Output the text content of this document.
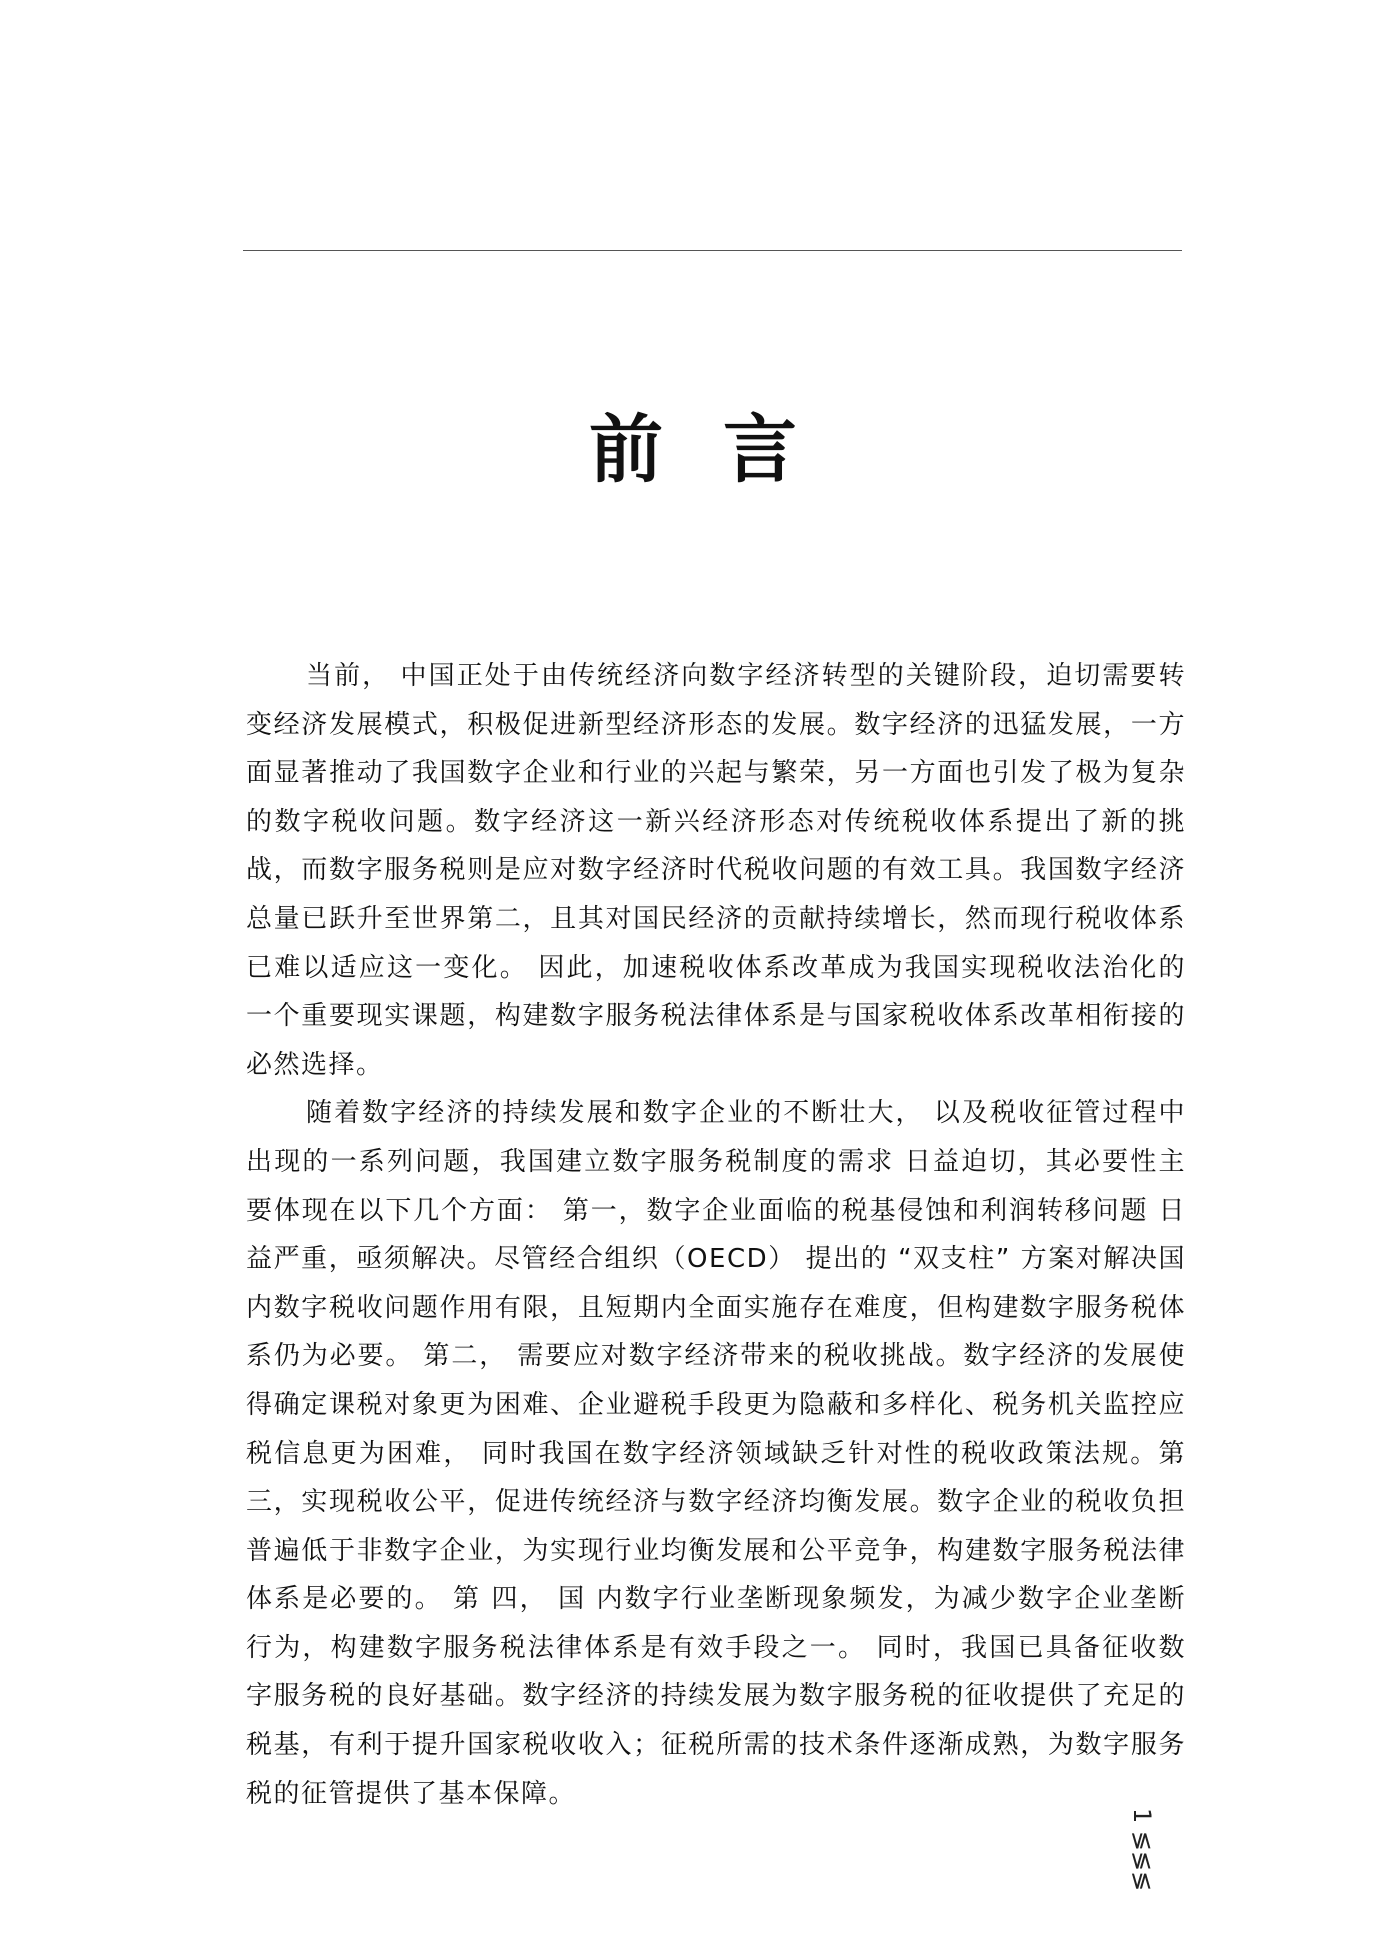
前言

当前， 中国正处于由传统经济向数字经济转型的关键阶段，迫切需要转变经济发展模式，积极促进新型经济形态的发展。数字经济的迅猛发展，一方面显著推动了我国数字企业和行业的兴起与繁荣，另一方面也引发了极为复杂的数字税收问题。数字经济这一新兴经济形态对传统税收体系提出了新的挑战，而数字服务税则是应对数字经济时代税收问题的有效工具。我国数字经济总量已跃升至世界第二，且其对国民经济的贡献持续增长，然而现行税收体系已难以适应这一变化。 因此，加速税收体系改革成为我国实现税收法治化的一个重要现实课题，构建数字服务税法律体系是与国家税收体系改革相衔接的必然选择。

随着数字经济的持续发展和数字企业的不断壮大， 以及税收征管过程中 出现的一系列问题，我国建立数字服务税制度的需求 日益迫切，其必要性主要体现在以下几个方面： 第一，数字企业面临的税基侵蚀和利润转移问题 日益严重，亟须解决。尽管经合组织（OECD） 提出的 “双支柱” 方案对解决国内数字税收问题作用有限，且短期内全面实施存在难度，但构建数字服务税体系仍为必要。 第二， 需要应对数字经济带来的税收挑战。数字经济的发展使得确定课税对象更为困难、企业避税手段更为隐蔽和多样化、税务机关监控应税信息更为困难， 同时我国在数字经济领域缺乏针对性的税收政策法规。第三，实现税收公平，促进传统经济与数字经济均衡发展。数字企业的税收负担普遍低于非数字企业，为实现行业均衡发展和公平竞争，构建数字服务税法律体系是必要的。 第 四， 国 内数字行业垄断现象频发，为减少数字企业垄断行为，构建数字服务税法律体系是有效手段之一。 同时，我国已具备征收数字服务税的良好基础。数字经济的持续发展为数字服务税的征收提供了充足的税基，有利于提升国家税收收入；征税所需的技术条件逐渐成熟，为数字服务税的征管提供了基本保障。

1 ≶≶≶
